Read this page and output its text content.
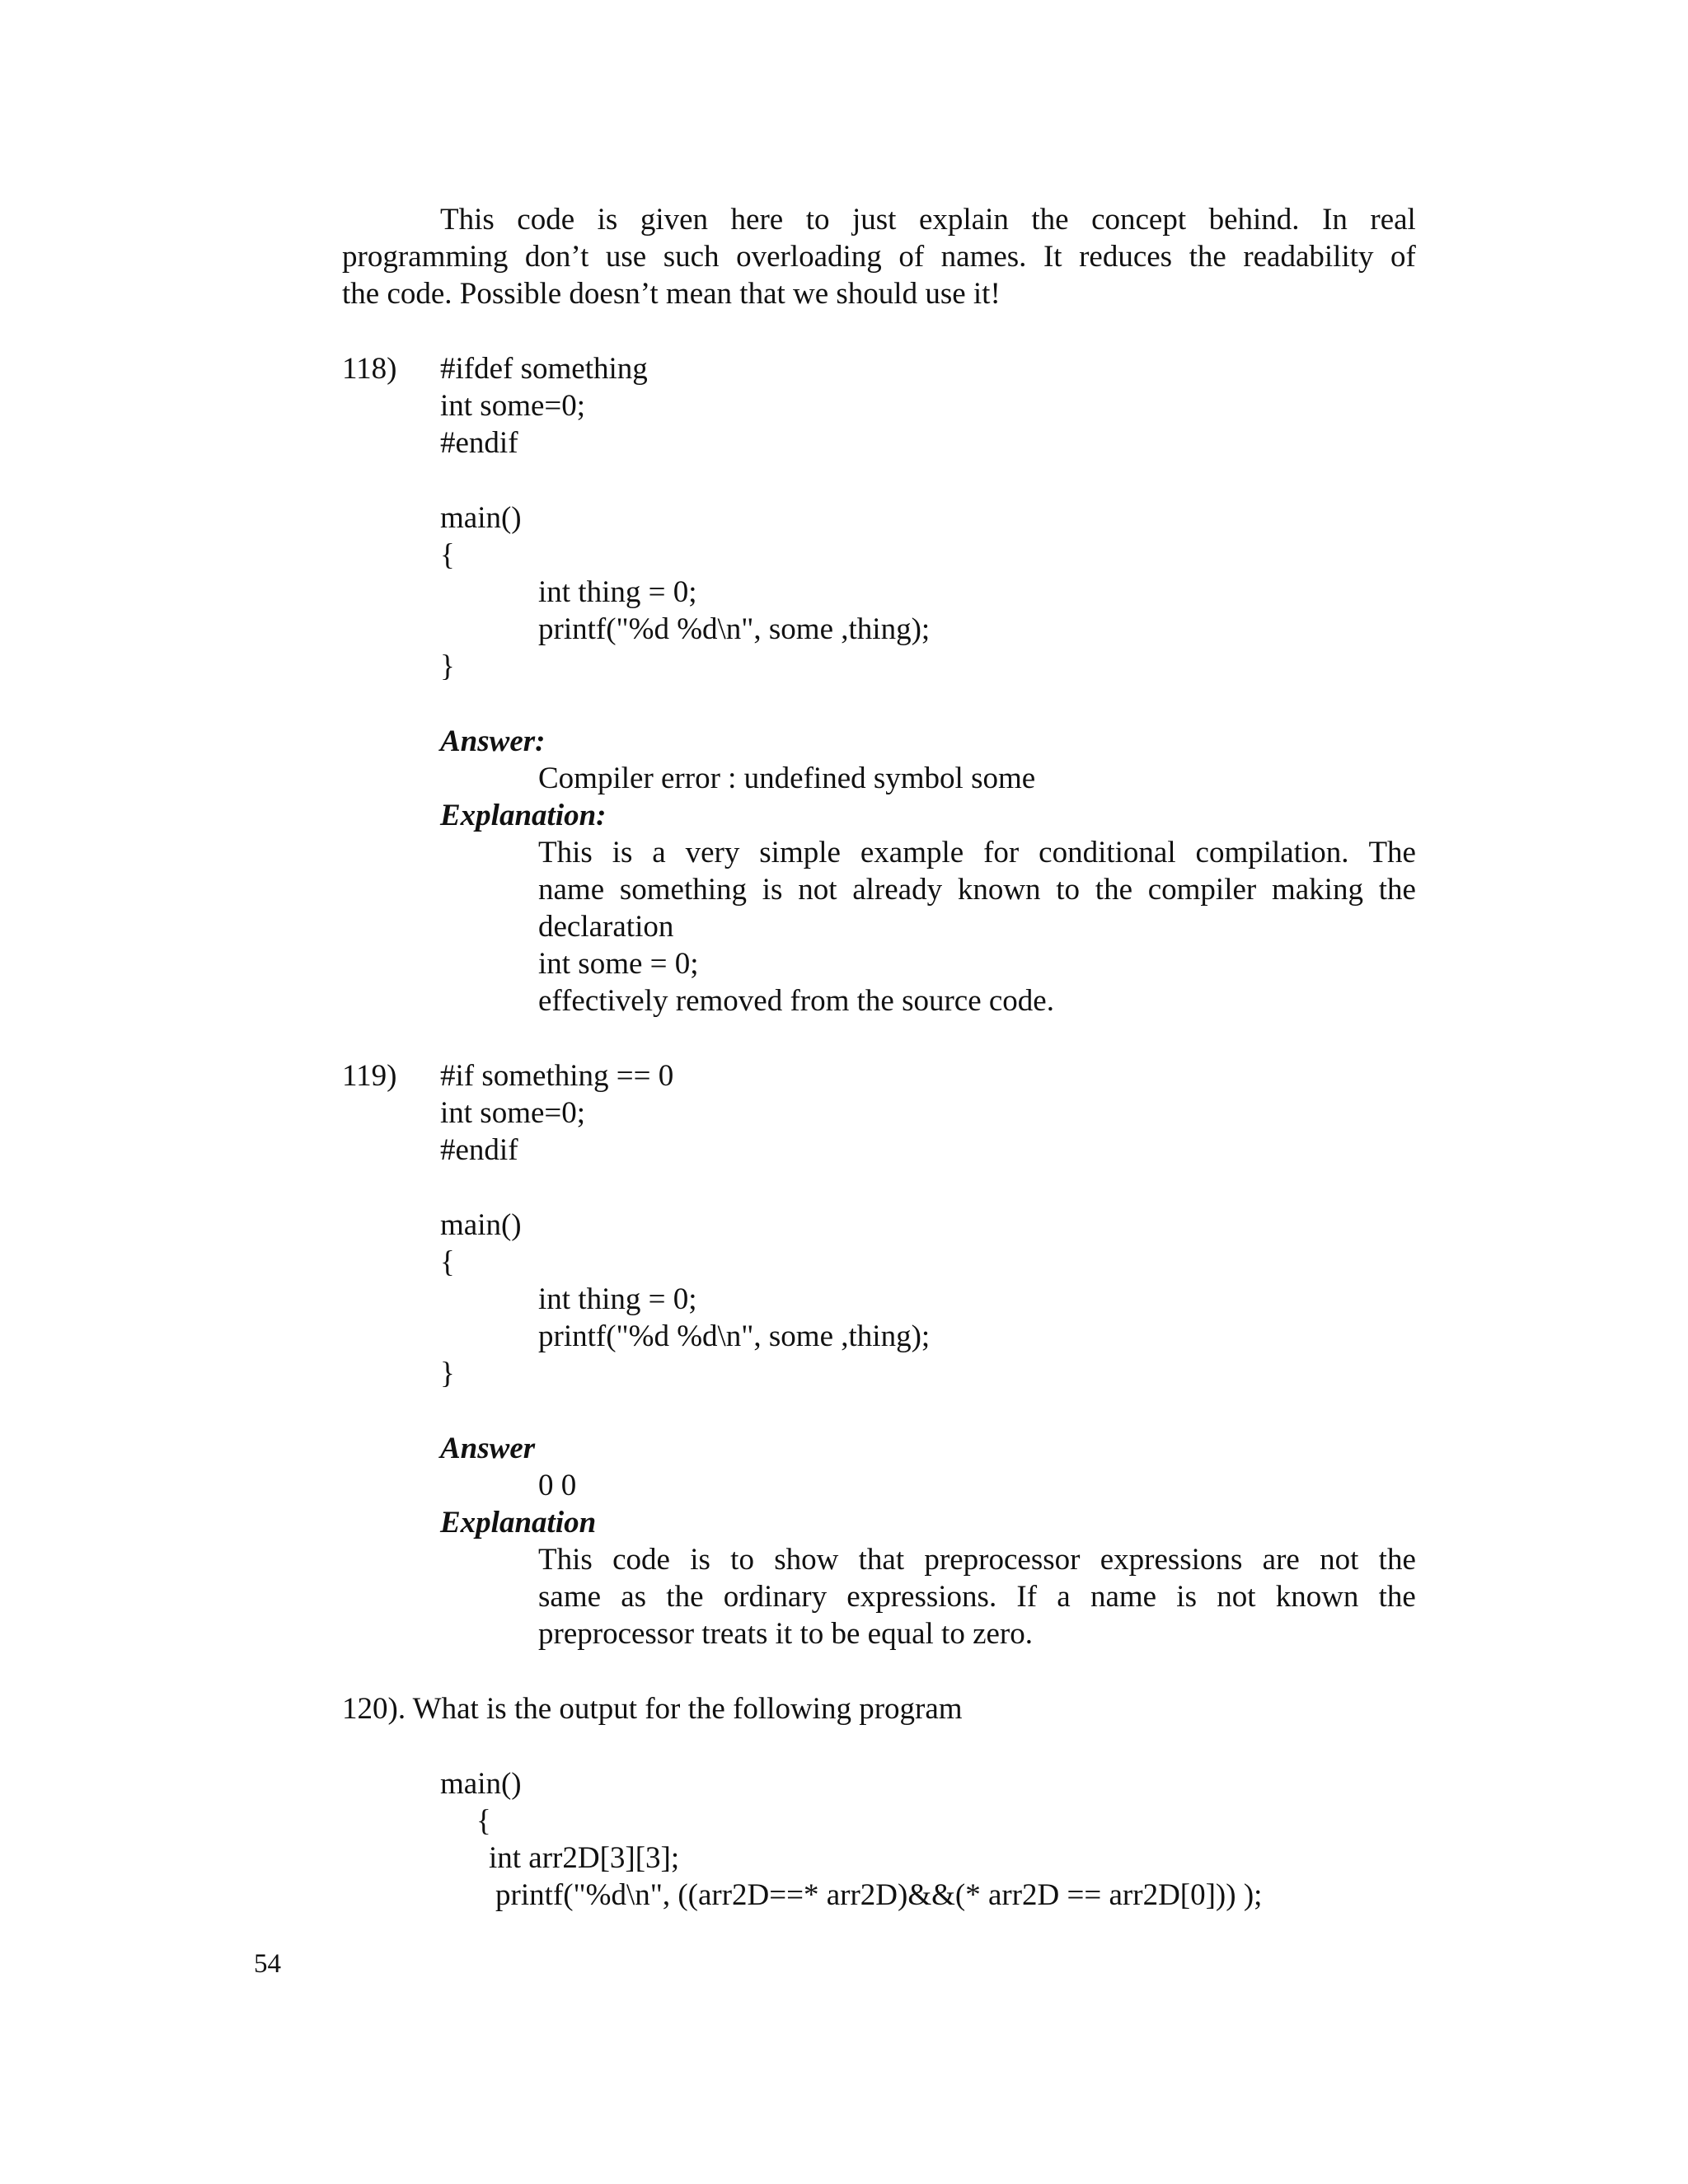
This code is given here to just explain the concept behind. In real
programming don’t use such overloading of names. It reduces the readability of
the code. Possible doesn’t mean that we should use it!
118) #ifdef something
int some=0;
#endif
main()
{
int thing = 0;
printf("%d %d\n", some ,thing);
}
Answer:
Compiler error : undefined symbol some
Explanation:
This is a very simple example for conditional compilation. The
name something is not already known to the compiler making the
declaration
int some = 0;
effectively removed from the source code.
119) #if something == 0
int some=0;
#endif
main()
{
int thing = 0;
printf("%d %d\n", some ,thing);
}
Answer
0 0
Explanation
This code is to show that preprocessor expressions are not the
same as the ordinary expressions. If a name is not known the
preprocessor treats it to be equal to zero.
120). What is the output for the following program
main()
{
int arr2D[3][3];
printf("%d\n", ((arr2D==* arr2D)&&(* arr2D == arr2D[0])) );
54
